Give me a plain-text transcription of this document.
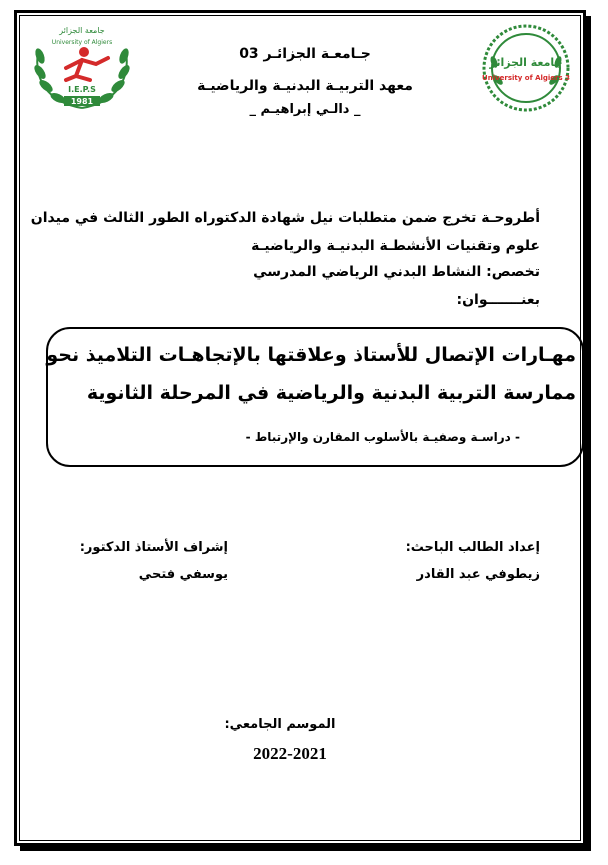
جامعة الجزائر
University of Algiers
I.E.P.S
1981
جامعة الجزائر
University of Algiers 3
جـامعـة الجزائـر 03
معهد التربيـة البدنيـة والرياضيـة
_ دالـي إبراهيـم _
أطروحـة تخرج ضمن متطلبات نيل شهادة الدكتوراه الطور الثالث في ميدان
علوم وتقنيات الأنشطـة البدنيـة والرياضيـة
تخصص: النشاط البدني الرياضي المدرسي
بعنـــــــوان:
مهـارات الإتصال للأستاذ وعلاقتها بالإتجاهـات التلاميذ نحو
ممارسة التربية البدنية والرياضية في المرحلة الثانوية
- دراسـة وصفيـة بالأسلوب المقارن والإرتباط -
إعداد الطالب الباحث:
زيطوفي عبد القادر
إشراف الأستاذ الدكتور:
يوسفي فتحي
الموسم الجامعي:
2022-2021
